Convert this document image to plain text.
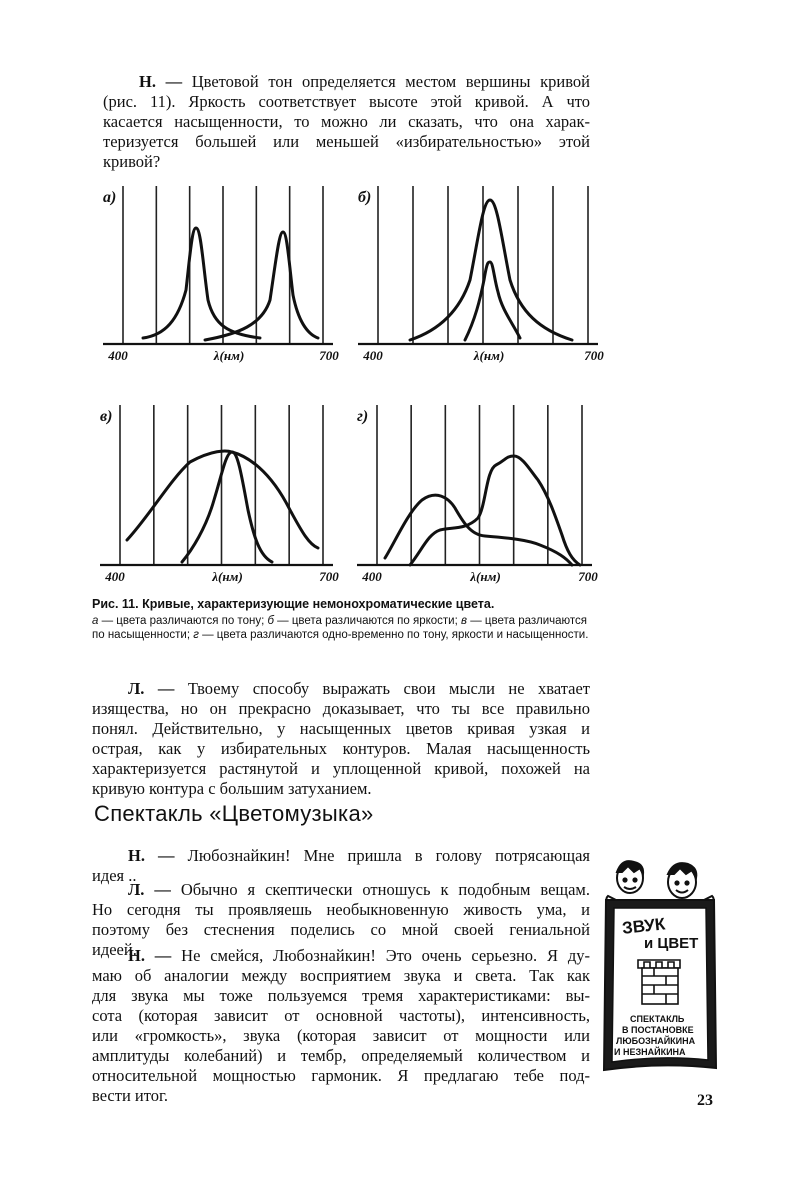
Н. — Цветовой тон определяется местом вершины кривой
(рис. 11). Яркость соответствует высоте этой кривой. А что
касается насыщенности, то можно ли сказать, что она харак-
теризуется большей или меньшей «избирательностью» этой
кривой?

а)
400	λ(нм)	700
б)
400	λ(нм)	700
в)
400	λ(нм)	700
г)
400	λ(нм)	700
Рис. 11. Кривые, характеризующие немонохроматические цвета.
а — цвета различаются по тону; б — цвета различаются по яркости; в — цвета различаются по насыщенности; г — цвета различаются одно-временно по тону, яркости и насыщенности.

Л. — Твоему способу выражать свои мысли не хватает
изящества, но он прекрасно доказывает, что ты все правильно
понял. Действительно, у насыщенных цветов кривая узкая и
острая, как у избирательных контуров. Малая насыщенность
характеризуется растянутой и уплощенной кривой, похожей на
кривую контура с большим затуханием.

Спектакль «Цветомузыка»

Н. — Любознайкин! Мне пришла в голову потрясающая
идея ..

Л. — Обычно я скептически отношусь к подобным вещам.
Но сегодня ты проявляешь необыкновенную живость ума, и
поэтому без стеснения поделись со мной своей гениальной
идеей.

Н. — Не смейся, Любознайкин! Это очень серьезно. Я ду-
маю об аналогии между восприятием звука и света. Так как
для звука мы тоже пользуемся тремя характеристиками: вы-
сота (которая зависит от основной частоты), интенсивность,
или «громкость», звука (которая зависит от мощности или
амплитуды колебаний) и тембр, определяемый количеством и
относительной мощностью гармоник. Я предлагаю тебе под-
вести итог.

ЗВУК
и ЦВЕТ
СПЕКТАКЛЬ
В ПОСТАНОВКЕ
ЛЮБОЗНАЙКИНА
И НЕЗНАЙКИНА
23
